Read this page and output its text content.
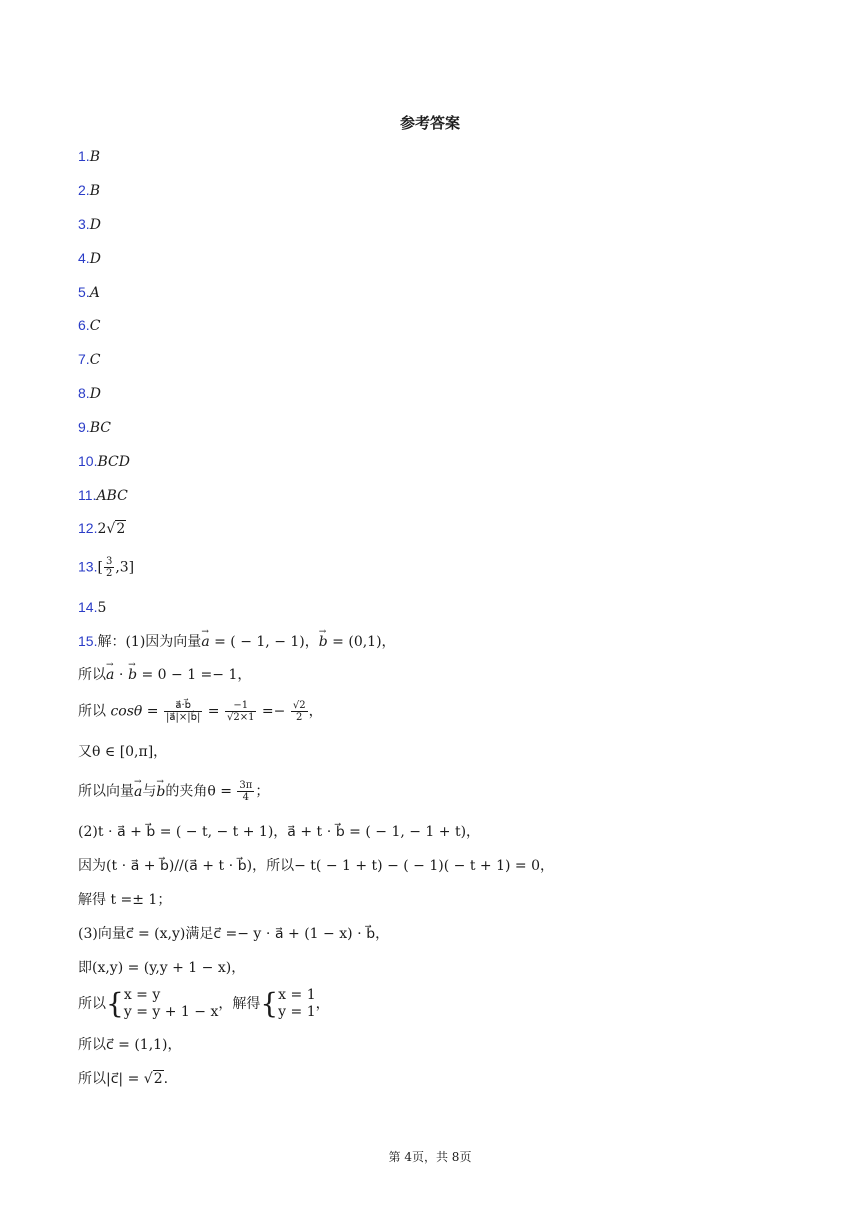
参考答案
1.B
2.B
3.D
4.D
5.A
6.C
7.C
8.D
9.BC
10.BCD
11.ABC
12.2√2
$13.[ \frac{3}{2} ,3]$
14.5
15.解：(1)因为向量→ a = ( − 1, − 1)，→ b = (0,1)，
所以→ a ⋅ → b = 0 − 1 =− 1，
所以 $\cos\theta = \frac{a⃗\cdot b⃗}{|a⃗|\times|b⃗|} = \frac{-1}{√2\times 1} =- \frac{√2}{2}$ ，
又θ ∈ [0,π]，
所以向量→ a与→ b的夹角$\theta = \frac{3\pi}{4}$ ；
(2)t ⋅ a⃗ + b⃗ = ( − t, − t + 1)，a⃗ + t ⋅ b⃗ = ( − 1, − 1 + t)，
因为(t ⋅ a⃗ + b⃗)//(a⃗ + t ⋅ b⃗)，所以− t( − 1 + t) − ( − 1)( − t + 1) = 0，
解得 t =± 1；
(3)向量c⃗ = (x,y)满足c⃗ =− y ⋅ a⃗ + (1 − x) ⋅ b⃗，
即(x,y) = (y,y + 1 − x)，
所以{ x = y
y = y + 1 − x ，解得{ x = 1
y = 1 ，
所以c⃗ = (1,1)，
所以|c⃗| = √2.
第 4页，共 8页
